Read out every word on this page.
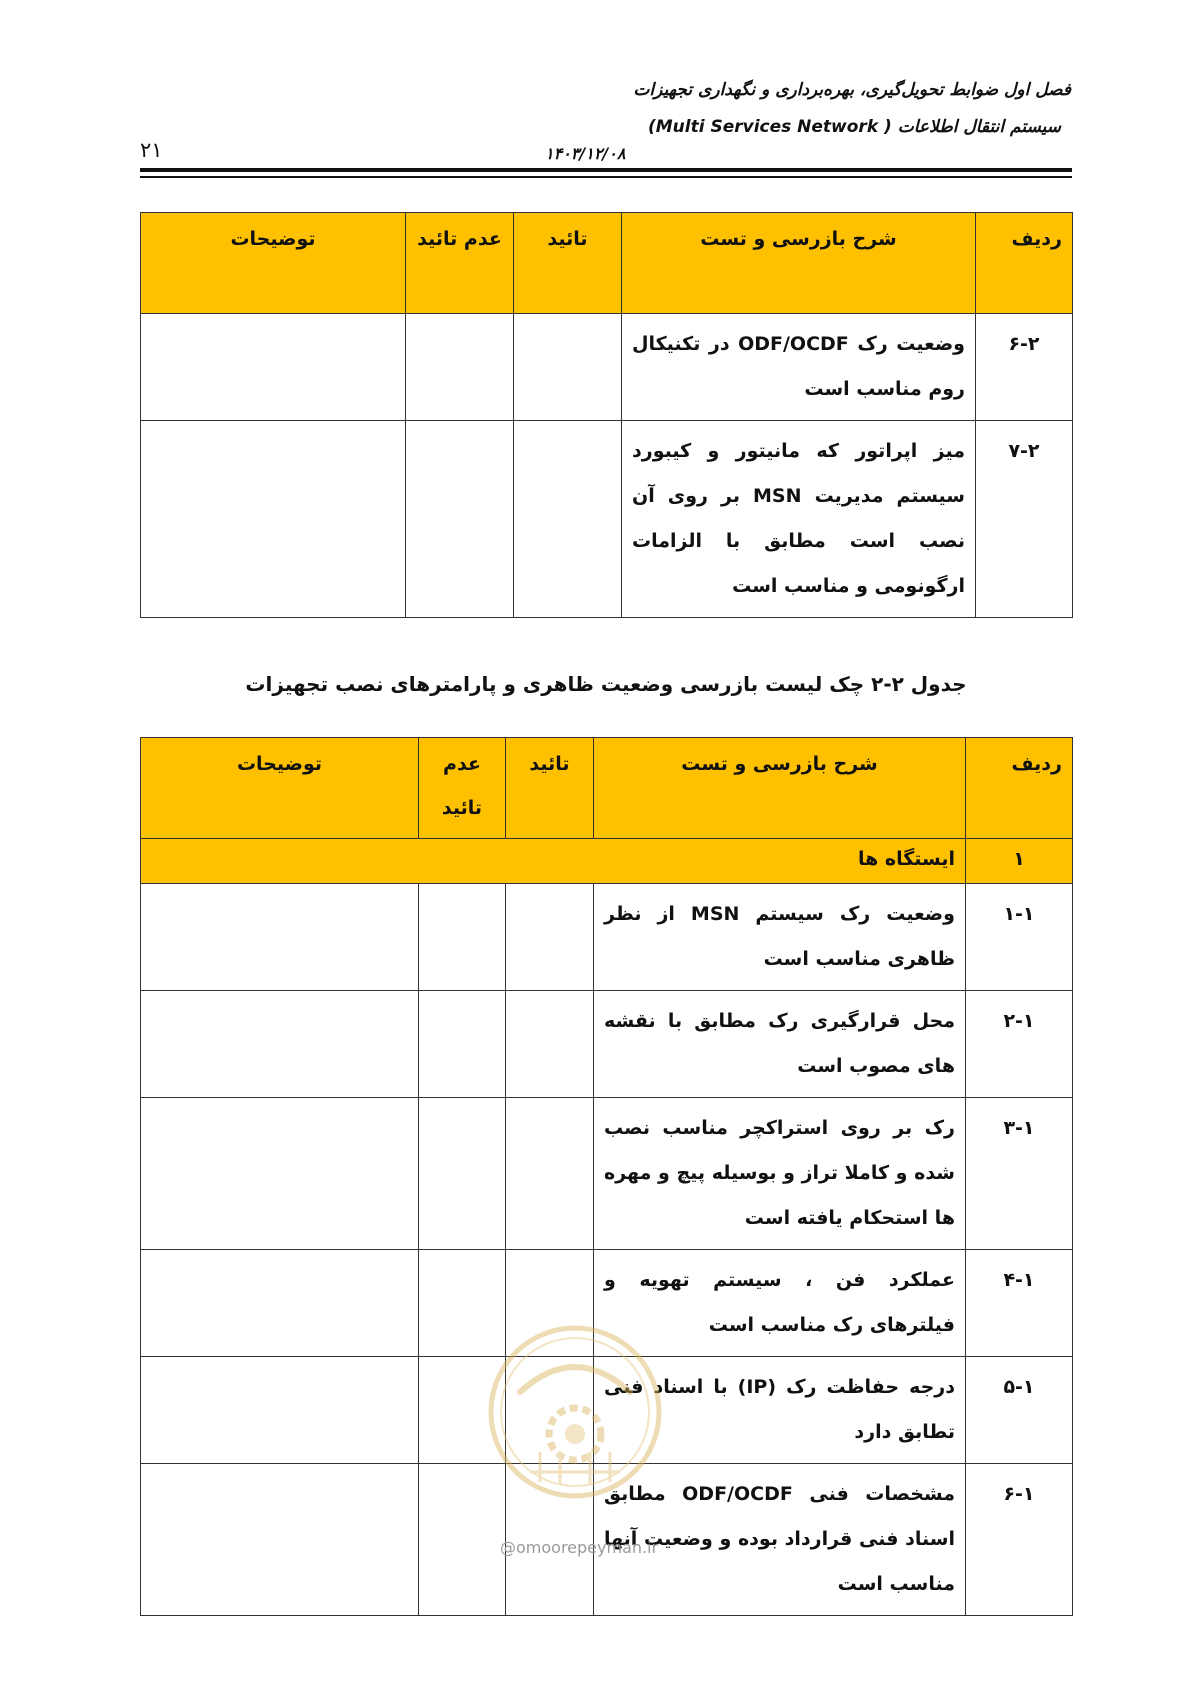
فصل اول ضوابط تحویل‌گیری، بهره‌برداری و نگهداری تجهیزات
سیستم انتقال اطلاعات ( Multi Services Network)
۱۴۰۳/۱۲/۰۸
۲۱
ردیف	شرح بازرسی و تست	تائید	عدم تائید	توضیحات
۶-۲	وضعیت رک ODF/OCDF در تکنیکال روم مناسب است			
۷-۲	میز اپراتور که مانیتور و کیبورد سیستم مدیریت MSN بر روی آن نصب است مطابق با الزامات ارگونومی و مناسب است			
جدول ۲-۲ چک لیست بازرسی وضعیت ظاهری و پارامترهای نصب تجهیزات
ردیف	شرح بازرسی و تست	تائید	عدم تائید	توضیحات
۱	ایستگاه ها			
۱-۱	وضعیت رک سیستم MSN از نظر ظاهری مناسب است			
۲-۱	محل قرارگیری رک مطابق با نقشه های مصوب است			
۳-۱	رک بر روی استراکچر مناسب نصب شده و کاملا تراز و بوسیله پیچ و مهره ها استحکام یافته است			
۴-۱	عملکرد فن ، سیستم تهویه و فیلترهای رک مناسب است			
۵-۱	درجه حفاظت رک (IP) با اسناد فنی تطابق دارد			
۶-۱	مشخصات فنی ODF/OCDF مطابق اسناد فنی قرارداد بوده و وضعیت آنها مناسب است			
@omoorepeyman.ir
